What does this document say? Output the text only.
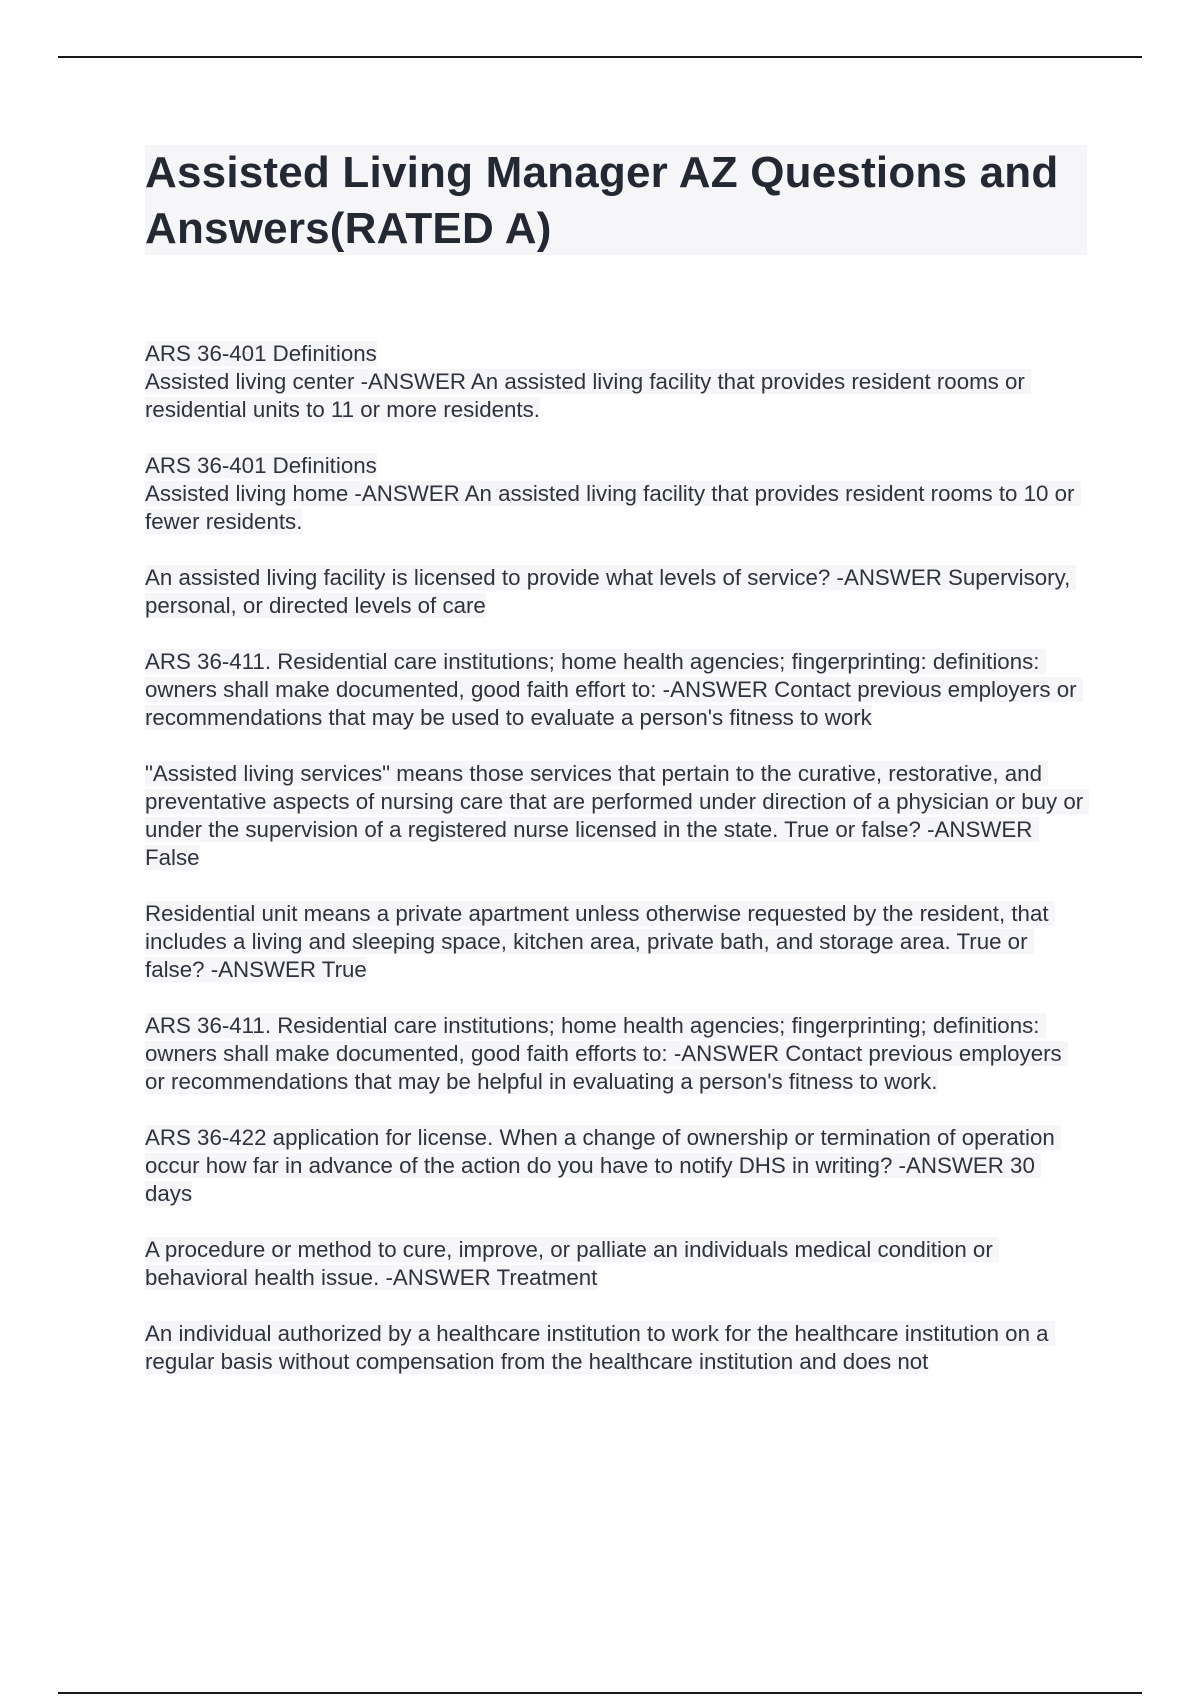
Assisted Living Manager AZ Questions and Answers(RATED A)

ARS 36-401 Definitions
Assisted living center -ANSWER An assisted living facility that provides resident rooms or residential units to 11 or more residents.

ARS 36-401 Definitions
Assisted living home -ANSWER An assisted living facility that provides resident rooms to 10 or fewer residents.

An assisted living facility is licensed to provide what levels of service? -ANSWER Supervisory, personal, or directed levels of care

ARS 36-411. Residential care institutions; home health agencies; fingerprinting: definitions: owners shall make documented, good faith effort to: -ANSWER Contact previous employers or recommendations that may be used to evaluate a person's fitness to work

"Assisted living services" means those services that pertain to the curative, restorative, and preventative aspects of nursing care that are performed under direction of a physician or buy or under the supervision of a registered nurse licensed in the state. True or false? -ANSWER False

Residential unit means a private apartment unless otherwise requested by the resident, that includes a living and sleeping space, kitchen area, private bath, and storage area. True or false? -ANSWER True

ARS 36-411. Residential care institutions; home health agencies; fingerprinting; definitions: owners shall make documented, good faith efforts to: -ANSWER Contact previous employers or recommendations that may be helpful in evaluating a person's fitness to work.

ARS 36-422 application for license. When a change of ownership or termination of operation occur how far in advance of the action do you have to notify DHS in writing? -ANSWER 30 days

A procedure or method to cure, improve, or palliate an individuals medical condition or behavioral health issue. -ANSWER Treatment

An individual authorized by a healthcare institution to work for the healthcare institution on a regular basis without compensation from the healthcare institution and does not
